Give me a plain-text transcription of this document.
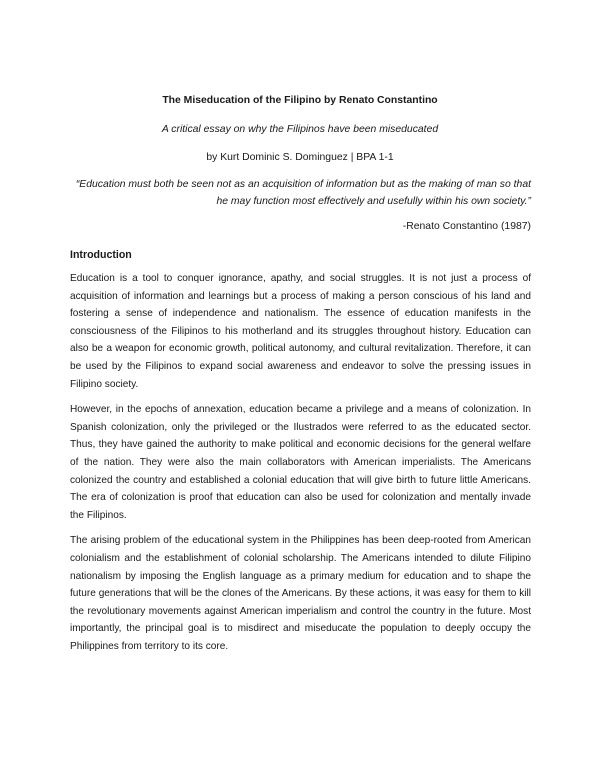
The Miseducation of the Filipino by Renato Constantino
A critical essay on why the Filipinos have been miseducated
by Kurt Dominic S. Dominguez | BPA 1-1
“Education must both be seen not as an acquisition of information but as the making of man so that he may function most effectively and usefully within his own society.”
-Renato Constantino (1987)
Introduction

Education is a tool to conquer ignorance, apathy, and social struggles. It is not just a process of acquisition of information and learnings but a process of making a person conscious of his land and fostering a sense of independence and nationalism. The essence of education manifests in the consciousness of the Filipinos to his motherland and its struggles throughout history. Education can also be a weapon for economic growth, political autonomy, and cultural revitalization. Therefore, it can be used by the Filipinos to expand social awareness and endeavor to solve the pressing issues in Filipino society.

However, in the epochs of annexation, education became a privilege and a means of colonization. In Spanish colonization, only the privileged or the Ilustrados were referred to as the educated sector. Thus, they have gained the authority to make political and economic decisions for the general welfare of the nation. They were also the main collaborators with American imperialists. The Americans colonized the country and established a colonial education that will give birth to future little Americans. The era of colonization is proof that education can also be used for colonization and mentally invade the Filipinos.

The arising problem of the educational system in the Philippines has been deep-rooted from American colonialism and the establishment of colonial scholarship. The Americans intended to dilute Filipino nationalism by imposing the English language as a primary medium for education and to shape the future generations that will be the clones of the Americans. By these actions, it was easy for them to kill the revolutionary movements against American imperialism and control the country in the future. Most importantly, the principal goal is to misdirect and miseducate the population to deeply occupy the Philippines from territory to its core.
